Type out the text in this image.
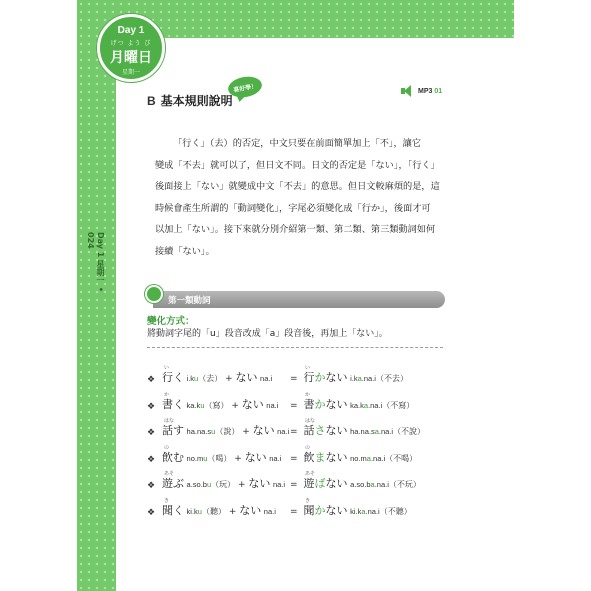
Day 1
げつ よう び
月曜日
星期一
Day 1 星期一 • 024
B 基本規則說明
喜好學！	MP3 01
「行く」（去）的否定，中文只要在前面簡單加上「不」，讓它
變成「不去」就可以了，但日文不同。日文的否定是「ない」，「行く」
後面接上「ない」就變成中文「不去」的意思。但日文較麻煩的是，這
時候會產生所謂的「動詞變化」，字尾必須變化成「行か」，後面才可
以加上「ない」。接下來就分別介紹第一類、第二類、第三類動詞如何
接續「ない」。
第一類動詞
變化方式：
將動詞字尾的「u」段音改成「a」段音後，再加上「ない」。
❖
い
行く i.ku（去） + ない na.i
い
= 行かない i.ka.na.i（不去）
❖
か
書く ka.ku（寫） + ない na.i
か
= 書かない ka.ka.na.i（不寫）
❖
はな
話す ha.na.su（說） + ない na.i
はな
= 話さない ha.na.sa.na.i（不說）
❖
の
飲む no.mu（喝） + ない na.i
の
= 飲まない no.ma.na.i（不喝）
❖
あそ
遊ぶ a.so.bu（玩） + ない na.i
あそ
= 遊ばない a.so.ba.na.i（不玩）
❖
き
聞く ki.ku（聽） + ない na.i
き
= 聞かない ki.ka.na.i（不聽）
